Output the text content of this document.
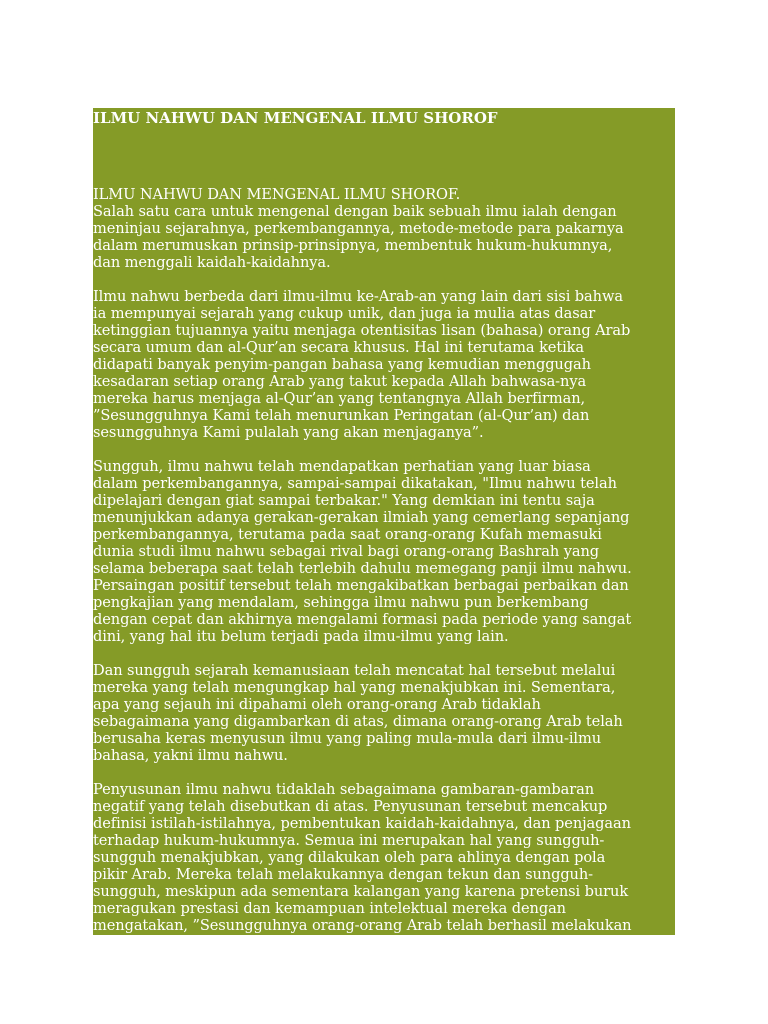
ILMU NAHWU DAN MENGENAL ILMU SHOROF

ILMU NAHWU DAN MENGENAL ILMU SHOROF.
Salah satu cara untuk mengenal dengan baik sebuah ilmu ialah dengan
meninjau sejarahnya, perkembangannya, metode-metode para pakarnya
dalam merumuskan prinsip-prinsipnya, membentuk hukum-hukumnya,
dan menggali kaidah-kaidahnya.

Ilmu nahwu berbeda dari ilmu-ilmu ke-Arab-an yang lain dari sisi bahwa
ia mempunyai sejarah yang cukup unik, dan juga ia mulia atas dasar
ketinggian tujuannya yaitu menjaga otentisitas lisan (bahasa) orang Arab
secara umum dan al-Qur’an secara khusus. Hal ini terutama ketika
didapati banyak penyim-pangan bahasa yang kemudian menggugah
kesadaran setiap orang Arab yang takut kepada Allah bahwasa-nya
mereka harus menjaga al-Qur’an yang tentangnya Allah berfirman,
”Sesungguhnya Kami telah menurunkan Peringatan (al-Qur’an) dan
sesungguhnya Kami pulalah yang akan menjaganya”.

Sungguh, ilmu nahwu telah mendapatkan perhatian yang luar biasa
dalam perkembangannya, sampai-sampai dikatakan, "Ilmu nahwu telah
dipelajari dengan giat sampai terbakar." Yang demkian ini tentu saja
menunjukkan adanya gerakan-gerakan ilmiah yang cemerlang sepanjang
perkembangannya, terutama pada saat orang-orang Kufah memasuki
dunia studi ilmu nahwu sebagai rival bagi orang-orang Bashrah yang
selama beberapa saat telah terlebih dahulu memegang panji ilmu nahwu.
Persaingan positif tersebut telah mengakibatkan berbagai perbaikan dan
pengkajian yang mendalam, sehingga ilmu nahwu pun berkembang
dengan cepat dan akhirnya mengalami formasi pada periode yang sangat
dini, yang hal itu belum terjadi pada ilmu-ilmu yang lain.

Dan sungguh sejarah kemanusiaan telah mencatat hal tersebut melalui
mereka yang telah mengungkap hal yang menakjubkan ini. Sementara,
apa yang sejauh ini dipahami oleh orang-orang Arab tidaklah
sebagaimana yang digambarkan di atas, dimana orang-orang Arab telah
berusaha keras menyusun ilmu yang paling mula-mula dari ilmu-ilmu
bahasa, yakni ilmu nahwu.

Penyusunan ilmu nahwu tidaklah sebagaimana gambaran-gambaran
negatif yang telah disebutkan di atas. Penyusunan tersebut mencakup
definisi istilah-istilahnya, pembentukan kaidah-kaidahnya, dan penjagaan
terhadap hukum-hukumnya. Semua ini merupakan hal yang sungguh-
sungguh menakjubkan, yang dilakukan oleh para ahlinya dengan pola
pikir Arab. Mereka telah melakukannya dengan tekun dan sungguh-
sungguh, meskipun ada sementara kalangan yang karena pretensi buruk
meragukan prestasi dan kemampuan intelektual mereka dengan
mengatakan, ”Sesungguhnya orang-orang Arab telah berhasil melakukan
